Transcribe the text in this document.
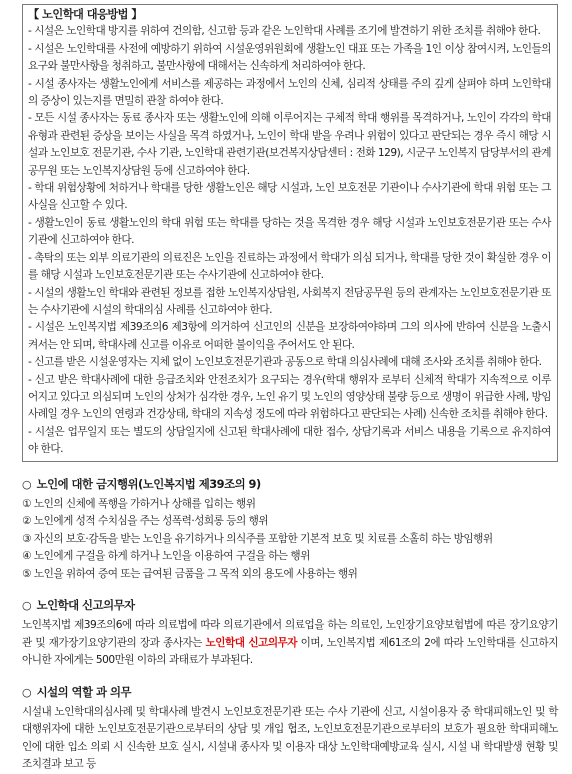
【 노인학대 대응방법 】

- 시설은 노인학대 방지를 위하여 건의함, 신고함 등과 같은 노인학대 사례를 조기에 발견하기 위한 조치를 취해야 한다.

- 시설은 노인학대를 사전에 예방하기 위하여 시설운영위원회에 생활노인 대표 또는 가족을 1인 이상 참여시켜, 노인들의 요구와 불만사항을 청취하고, 불만사항에 대해서는 신속하게 처리하여야 한다.

- 시설 종사자는 생활노인에게 서비스를 제공하는 과정에서 노인의 신체, 심리적 상태를 주의 깊게 살펴야 하며 노인학대의 증상이 있는지를 면밀히 관찰 하여야 한다.

- 모든 시설 종사자는 동료 종사자 또는 생활노인에 의해 이루어지는 구체적 학대 행위를 목격하거나, 노인이 각각의 학대 유형과 관련된 증상을 보이는 사실을 목격 하였거나, 노인이 학대 받을 우려나 위험이 있다고 판단되는 경우 즉시 해당 시설과 노인보호 전문기관, 수사 기관, 노인학대 관련기관(보건복지상담센터 : 전화 129), 시군구 노인복지 담당부서의 관계 공무원 또는 노인복지상담원 등에 신고하여야 한다.

- 학대 위험상황에 처하거나 학대를 당한 생활노인은 해당 시설과, 노인 보호전문 기관이나 수사기관에 학대 위험 또는 그 사실을 신고할 수 있다.

- 생활노인이 동료 생활노인의 학대 위험 또는 학대를 당하는 것을 목격한 경우 해당 시설과 노인보호전문기관 또는 수사기관에 신고하여야 한다.

- 촉탁의 또는 외부 의료기관의 의료진은 노인을 진료하는 과정에서 학대가 의심 되거나, 학대를 당한 것이 확실한 경우 이를 해당 시설과 노인보호전문기관 또는 수사기관에 신고하여야 한다.

- 시설의 생활노인 학대와 관련된 정보를 접한 노인복지상담원, 사회복지 전담공무원 등의 관계자는 노인보호전문기관 또는 수사기관에 시설의 학대의심 사례를 신고하여야 한다.

- 시설은 노인복지법 제39조의6 제3항에 의거하여 신고인의 신분을 보장하여야하며 그의 의사에 반하여 신분을 노출시켜서는 안 되며, 학대사례 신고를 이유로 어떠한 불이익을 주어서도 안 된다.

- 신고를 받은 시설운영자는 지체 없이 노인보호전문기관과 공동으로 학대 의심사례에 대해 조사와 조치를 취해야 한다.

- 신고 받은 학대사례에 대한 응급조치와 안전조치가 요구되는 경우(학대 행위자 로부터 신체적 학대가 지속적으로 이루어지고 있다고 의심되며 노인의 상처가 심각한 경우, 노인 유기 및 노인의 영양상태 불량 등으로 생명이 위급한 사례, 방임 사례일 경우 노인의 연령과 건강상태, 학대의 지속성 정도에 따라 위험하다고 판단되는 사례) 신속한 조치를 취해야 한다.

- 시설은 업무일지 또는 별도의 상담일지에 신고된 학대사례에 대한 접수, 상담기록과 서비스 내용을 기록으로 유지하여야 한다.

○ 노인에 대한 금지행위(노인복지법 제39조의 9)

① 노인의 신체에 폭행을 가하거나 상해를 입히는 행위

② 노인에게 성적 수치심을 주는 성폭력·성희롱 등의 행위

③ 자신의 보호·감독을 받는 노인을 유기하거나 의식주를 포함한 기본적 보호 및 치료를 소홀히 하는 방임행위

④ 노인에게 구걸을 하게 하거나 노인을 이용하여 구걸을 하는 행위

⑤ 노인을 위하여 증여 또는 급여된 금품을 그 목적 외의 용도에 사용하는 행위

○ 노인학대 신고의무자

노인복지법 제39조의6에 따라 의료법에 따라 의료기관에서 의료업을 하는 의료인, 노인장기요양보험법에 따른 장기요양기관 및 재가장기요양기관의 장과 종사자는 노인학대 신고의무자 이며, 노인복지법 제61조의 2에 따라 노인학대를 신고하지 아니한 자에게는 500만원 이하의 과태료가 부과된다.

○ 시설의 역할 과 의무

시설내 노인학대의심사례 및 학대사례 발견시 노인보호전문기관 또는 수사 기관에 신고, 시설이용자 중 학대피해노인 및 학대행위자에 대한 노인보호전문기관으로부터의 상담 및 개입 협조, 노인보호전문기관으로부터의 보호가 필요한 학대피해노인에 대한 입소 의뢰 시 신속한 보호 실시, 시설내 종사자 및 이용자 대상 노인학대예방교육 실시, 시설 내 학대발생 현황 및 조치결과 보고 등
